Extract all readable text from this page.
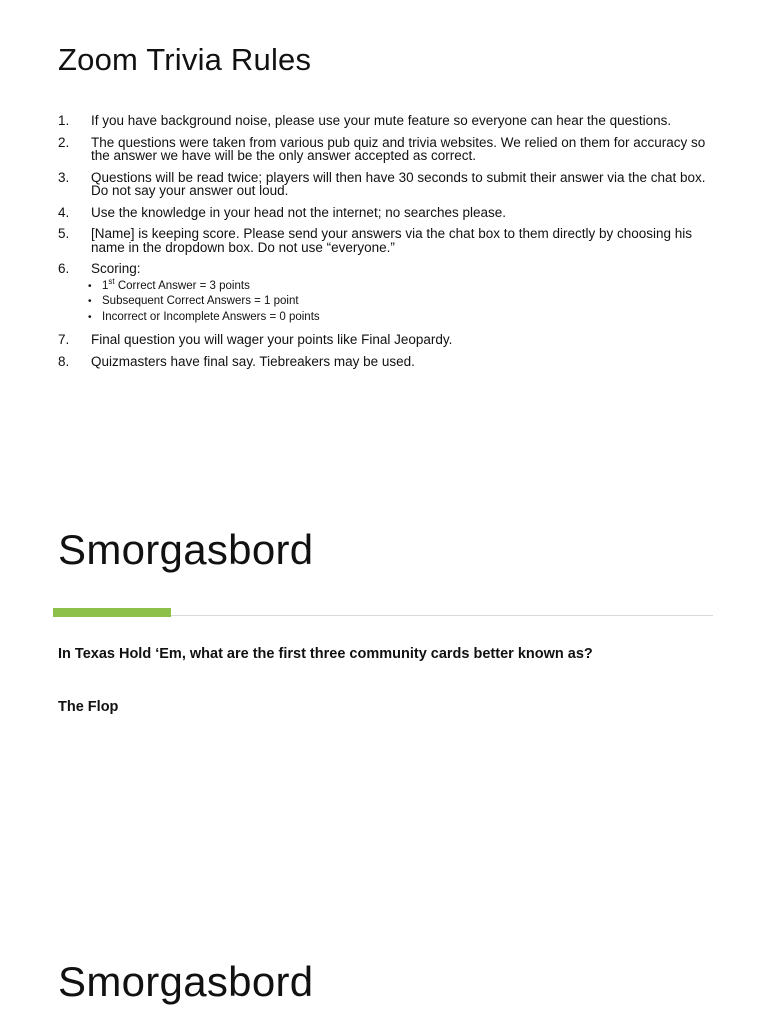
Zoom Trivia Rules
1. If you have background noise, please use your mute feature so everyone can hear the questions.
2. The questions were taken from various pub quiz and trivia websites. We relied on them for accuracy so the answer we have will be the only answer accepted as correct.
3. Questions will be read twice; players will then have 30 seconds to submit their answer via the chat box. Do not say your answer out loud.
4. Use the knowledge in your head not the internet; no searches please.
5. [Name] is keeping score. Please send your answers via the chat box to them directly by choosing his name in the dropdown box. Do not use “everyone.”
6. Scoring:
• 1st Correct Answer = 3 points
• Subsequent Correct Answers = 1 point
• Incorrect or Incomplete Answers = 0 points
7. Final question you will wager your points like Final Jeopardy.
8. Quizmasters have final say. Tiebreakers may be used.
Smorgasbord

In Texas Hold ‘Em, what are the first three community cards better known as?

The Flop

Smorgasbord
